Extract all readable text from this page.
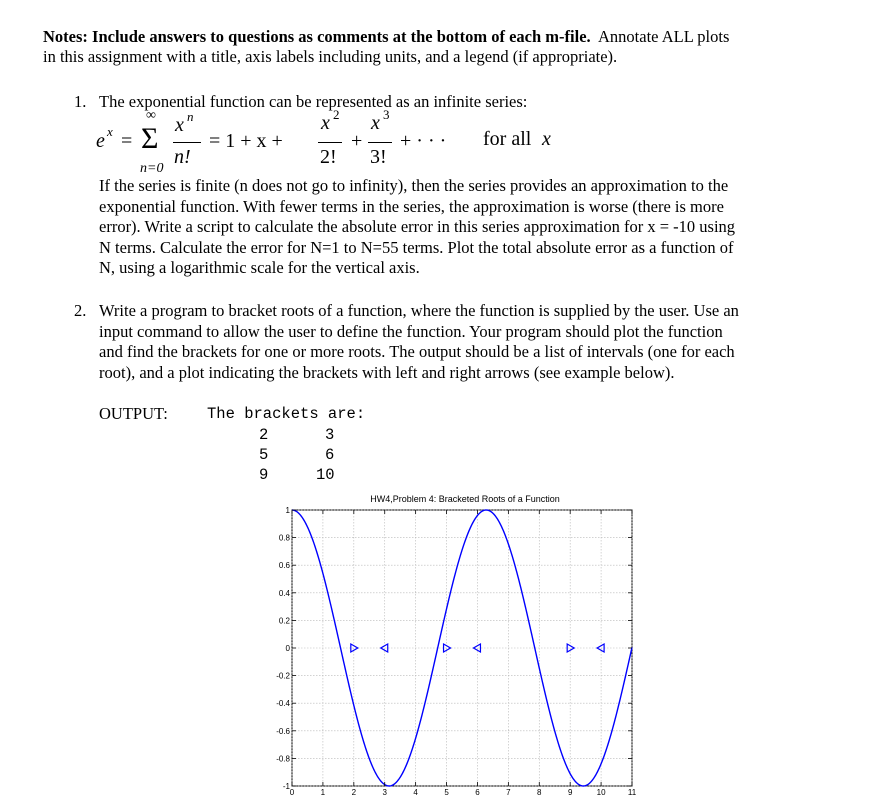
Notes: Include answers to questions as comments at the bottom of each m-file. Annotate ALL plots
in this assignment with a title, axis labels including units, and a legend (if appropriate).
1. The exponential function can be represented as an infinite series:
e x =
∞
Σ
n=0
x n
n!
= 1 + x +
x 2
2!
+
x 3
3!
+ · · · for all x
If the series is finite (n does not go to infinity), then the series provides an approximation to the
exponential function. With fewer terms in the series, the approximation is worse (there is more
error). Write a script to calculate the absolute error in this series approximation for x = -10 using
N terms. Calculate the error for N=1 to N=55 terms. Plot the total absolute error as a function of
N, using a logarithmic scale for the vertical axis.
2. Write a program to bracket roots of a function, where the function is supplied by the user. Use an
input command to allow the user to define the function. Your program should plot the function
and find the brackets for one or more roots. The output should be a list of intervals (one for each
root), and a plot indicating the brackets with left and right arrows (see example below).
OUTPUT:	The brackets are:
2	3
5	6
9	10
HW4,Problem 4: Bracketed Roots of a Function
0	1	2	3	4	5	6	7	8	9	10	11
1
0.8
0.6
0.4
0.2
0
-0.2
-0.4
-0.6
-0.8
-1
